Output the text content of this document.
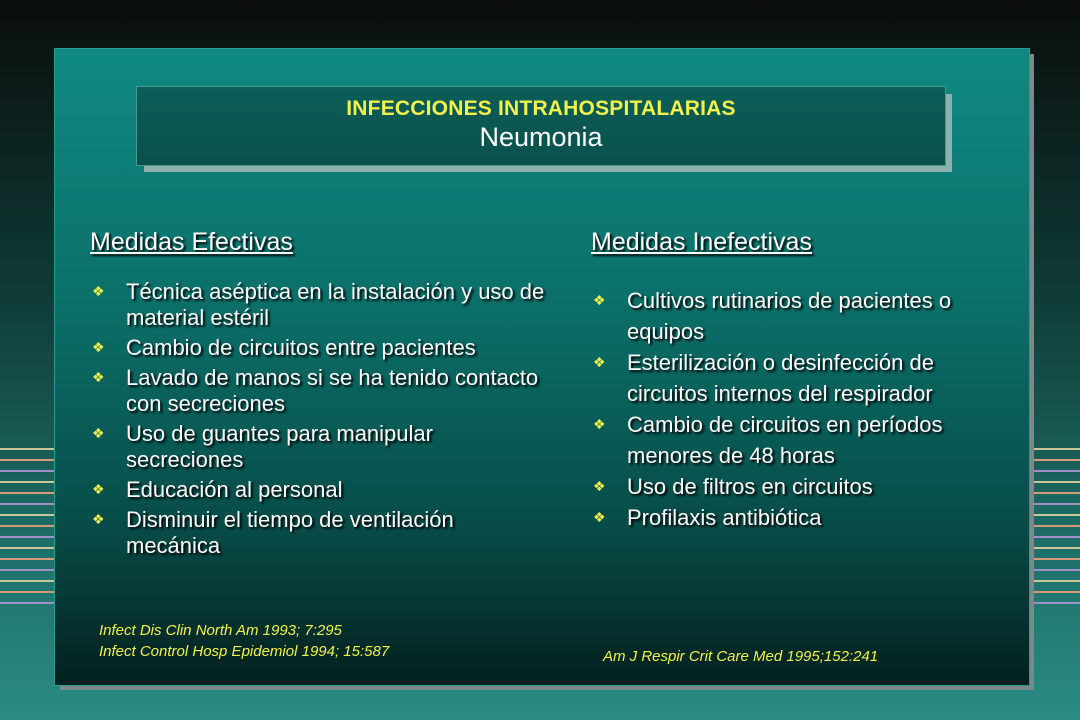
INFECCIONES INTRAHOSPITALARIAS
Neumonia
Medidas Efectivas
❖ Técnica aséptica en la instalación y uso de material estéril
❖ Cambio de circuitos entre pacientes
❖ Lavado de manos si se ha tenido contacto con secreciones
❖ Uso de guantes para manipular secreciones
❖ Educación al personal
❖ Disminuir el tiempo de ventilación mecánica
Medidas Inefectivas
❖ Cultivos rutinarios de pacientes o equipos
❖ Esterilización o desinfección de circuitos internos del respirador
❖ Cambio de circuitos en períodos menores de 48 horas
❖ Uso de filtros en circuitos
❖ Profilaxis antibiótica
Infect Dis Clin North Am 1993; 7:295
Infect Control Hosp Epidemiol 1994; 15:587	Am J Respir Crit Care Med 1995;152:241
